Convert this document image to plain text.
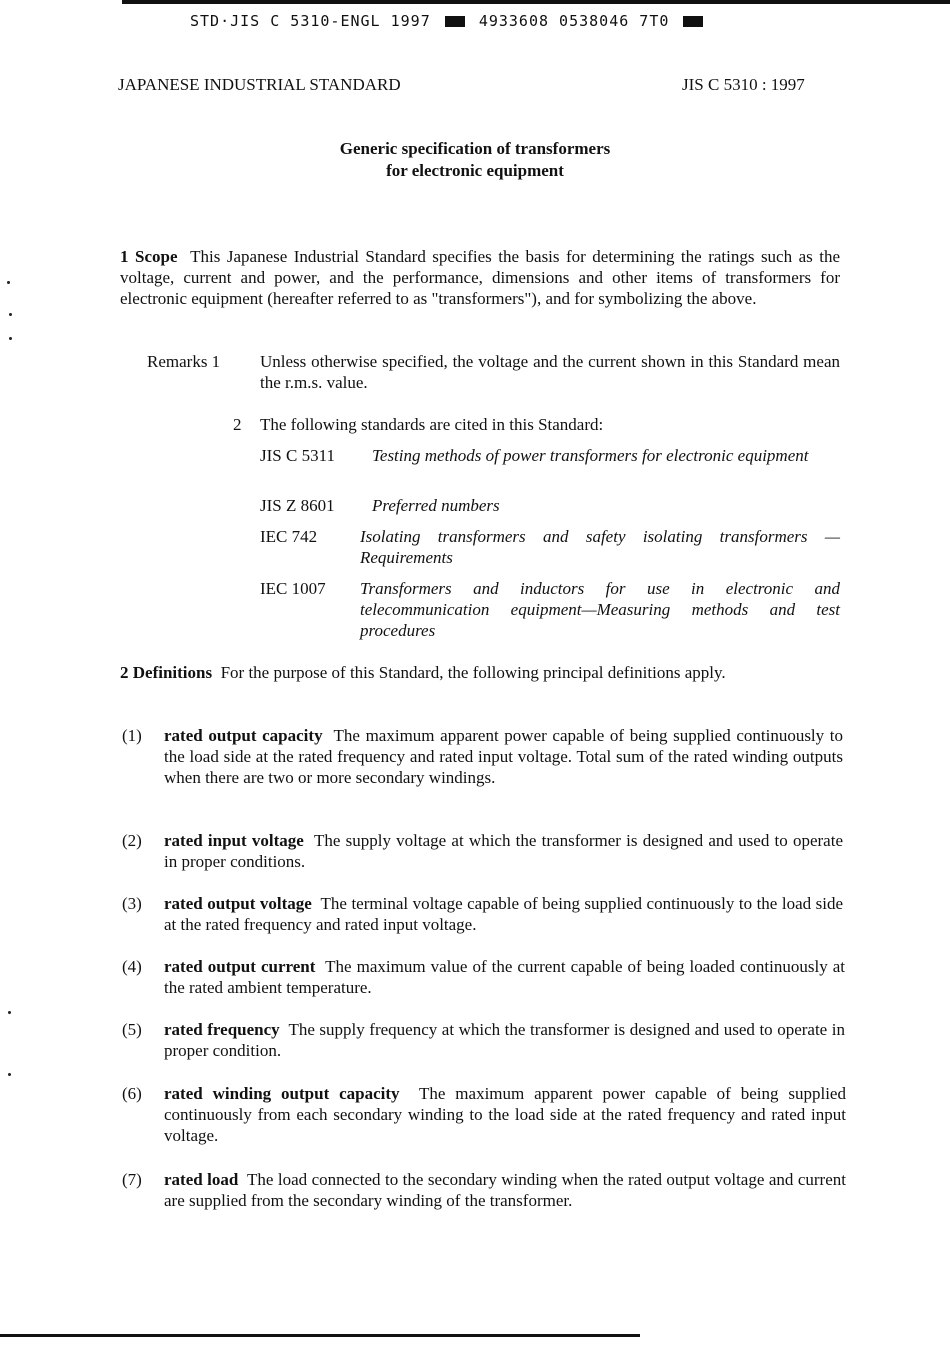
STD·JIS C 5310-ENGL 1997	4933608 0538046 7T0
JAPANESE INDUSTRIAL STANDARD	JIS C 5310 : 1997
Generic specification of transformers
for electronic equipment
1 Scope This Japanese Industrial Standard specifies the basis for determining the ratings such as the voltage, current and power, and the performance, dimensions and other items of transformers for electronic equipment (hereafter referred to as "transformers"), and for symbolizing the above.
Remarks 1 Unless otherwise specified, the voltage and the current shown in this Standard mean the r.m.s. value.
2 The following standards are cited in this Standard:
JIS C 5311 Testing methods of power transformers for electronic equipment
JIS Z 8601 Preferred numbers
IEC 742	Isolating transformers and safety isolating transformers —Requirements
IEC 1007 Transformers and inductors for use in electronic and telecommunication equipment—Measuring methods and test procedures
2 Definitions For the purpose of this Standard, the following principal definitions apply.
(1) rated output capacity The maximum apparent power capable of being supplied continuously to the load side at the rated frequency and rated input voltage. Total sum of the rated winding outputs when there are two or more secondary windings.
(2) rated input voltage The supply voltage at which the transformer is designed and used to operate in proper conditions.
(3) rated output voltage The terminal voltage capable of being supplied continuously to the load side at the rated frequency and rated input voltage.
(4) rated output current The maximum value of the current capable of being loaded continuously at the rated ambient temperature.
(5) rated frequency The supply frequency at which the transformer is designed and used to operate in proper condition.
(6) rated winding output capacity The maximum apparent power capable of being supplied continuously from each secondary winding to the load side at the rated frequency and rated input voltage.
(7) rated load The load connected to the secondary winding when the rated output voltage and current are supplied from the secondary winding of the transformer.
